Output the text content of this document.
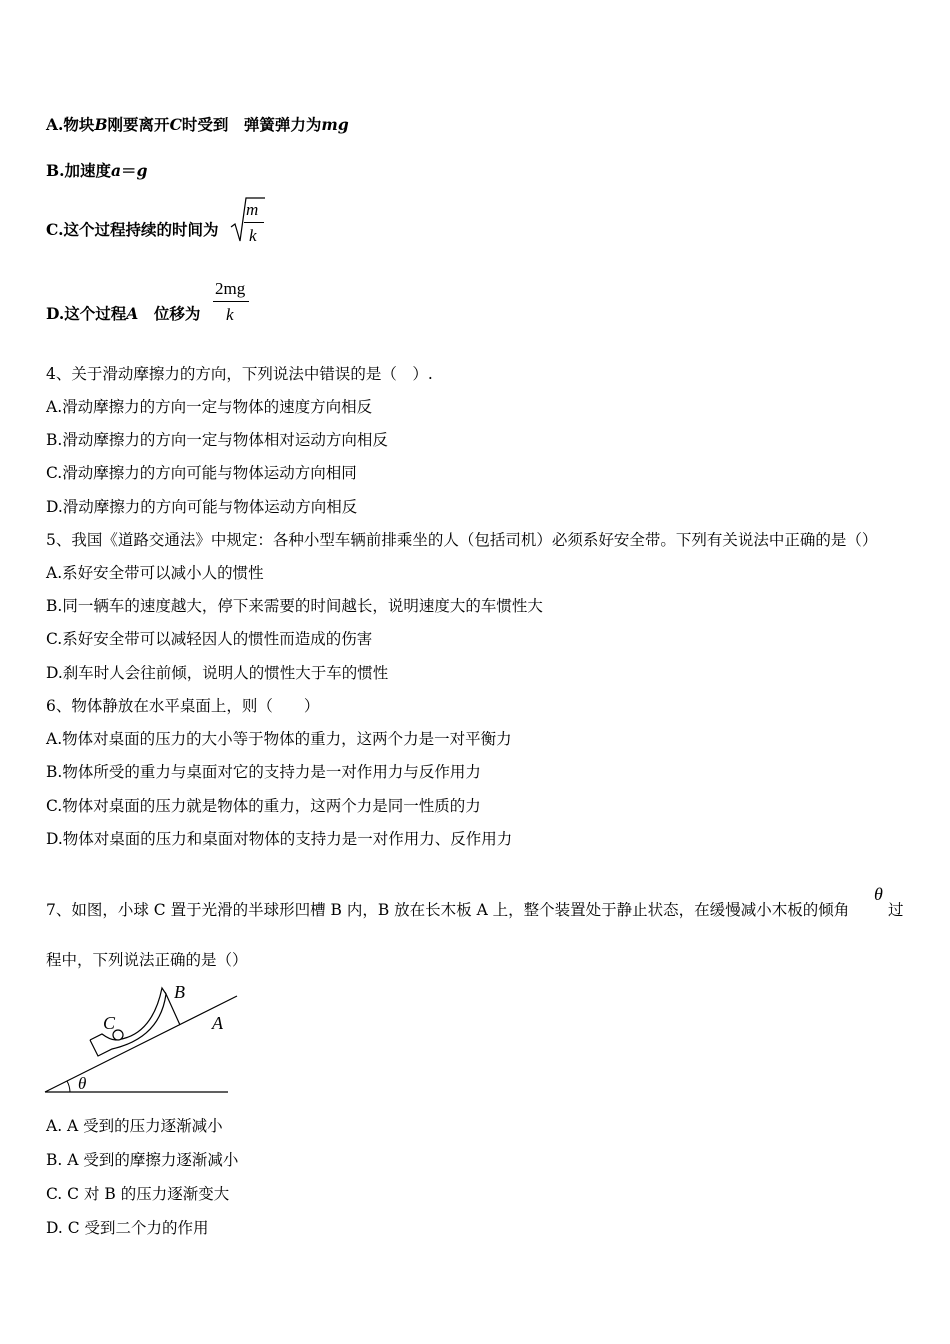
A.物块B刚要离开C时受到　弹簧弹力为mg
B.加速度a＝g
C.这个过程持续的时间为
m
k
D.这个过程A　位移为
2mg
k
4、关于滑动摩擦力的方向，下列说法中错误的是（　）.
A.滑动摩擦力的方向一定与物体的速度方向相反
B.滑动摩擦力的方向一定与物体相对运动方向相反
C.滑动摩擦力的方向可能与物体运动方向相同
D.滑动摩擦力的方向可能与物体运动方向相反
5、我国《道路交通法》中规定：各种小型车辆前排乘坐的人（包括司机）必须系好安全带。下列有关说法中正确的是（）
A.系好安全带可以减小人的惯性
B.同一辆车的速度越大，停下来需要的时间越长，说明速度大的车惯性大
C.系好安全带可以减轻因人的惯性而造成的伤害
D.刹车时人会往前倾，说明人的惯性大于车的惯性
6、物体静放在水平桌面上，则（　　）
A.物体对桌面的压力的大小等于物体的重力，这两个力是一对平衡力
B.物体所受的重力与桌面对它的支持力是一对作用力与反作用力
C.物体对桌面的压力就是物体的重力，这两个力是同一性质的力
D.物体对桌面的压力和桌面对物体的支持力是一对作用力、反作用力
7、如图，小球 C 置于光滑的半球形凹槽 B 内，B 放在长木板 A 上，整个装置处于静止状态，在缓慢减小木板的倾角
θ
过
程中，下列说法正确的是（）
B
C	A
θ
A. A 受到的压力逐渐减小
B. A 受到的摩擦力逐渐减小
C. C 对 B 的压力逐渐变大
D. C 受到二个力的作用
